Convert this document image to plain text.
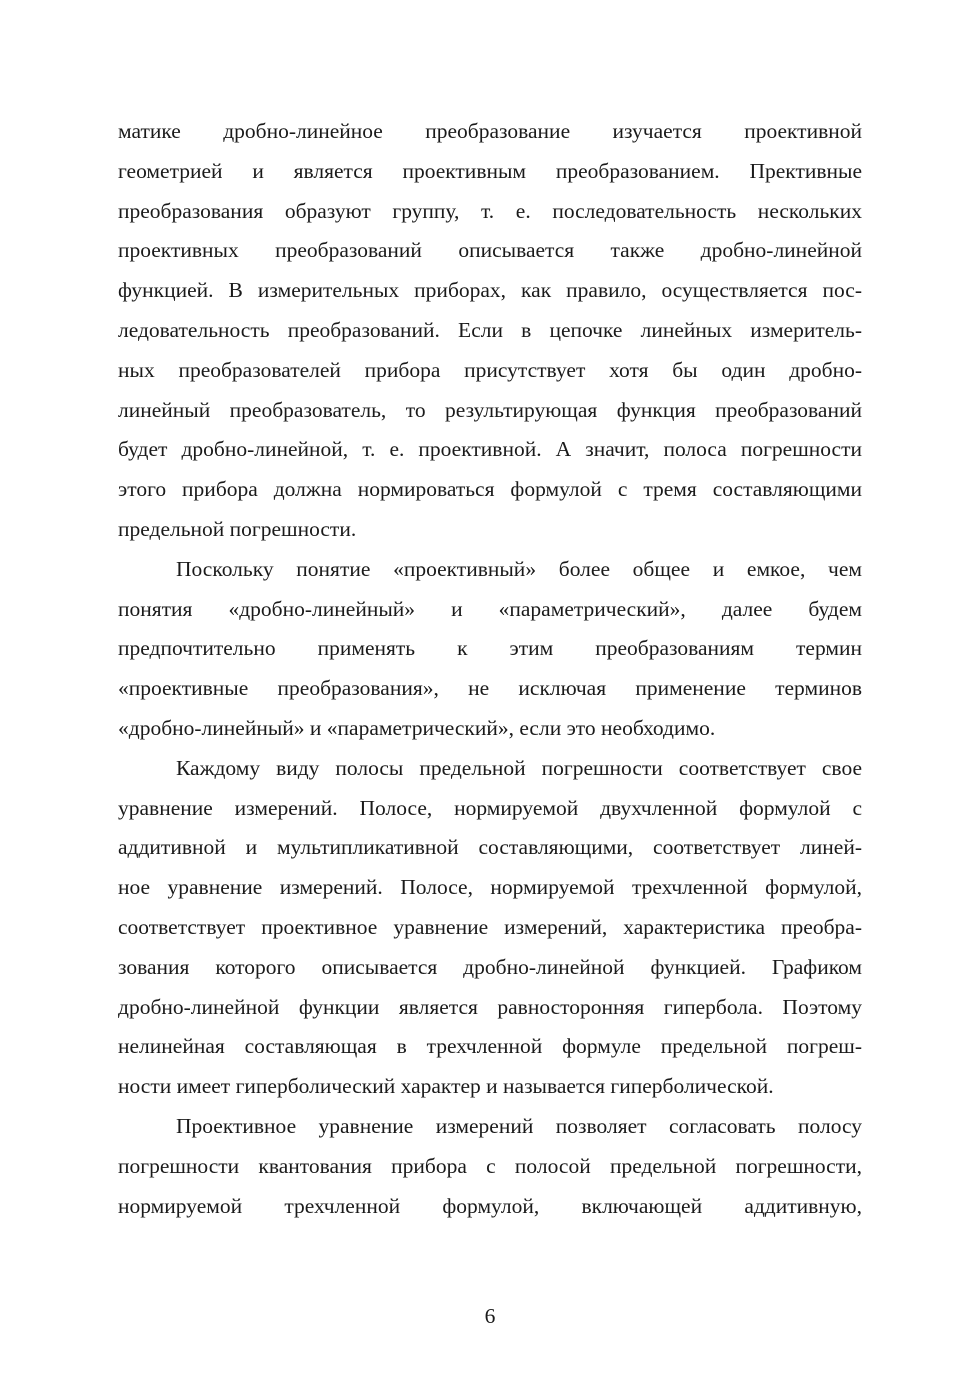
матике дробно-линейное преобразование изучается проективной
геометрией и является проективным преобразованием. Прективные
преобразования образуют группу, т. е. последовательность нескольких
проективных преобразований описывается также дробно-линейной
функцией. В измерительных приборах, как правило, осуществляется пос-
ледовательность преобразований. Если в цепочке линейных измеритель-
ных преобразователей прибора присутствует хотя бы один дробно-
линейный преобразователь, то результирующая функция преобразований
будет дробно-линейной, т. е. проективной. А значит, полоса погрешности
этого прибора должна нормироваться формулой с тремя составляющими
предельной погрешности.
Поскольку понятие «проективный» более общее и емкое, чем
понятия «дробно-линейный» и «параметрический», далее будем
предпочтительно применять к этим преобразованиям термин
«проективные преобразования», не исключая применение терминов
«дробно-линейный» и «параметрический», если это необходимо.
Каждому виду полосы предельной погрешности соответствует свое
уравнение измерений. Полосе, нормируемой двухчленной формулой с
аддитивной и мультипликативной составляющими, соответствует линей-
ное уравнение измерений. Полосе, нормируемой трехчленной формулой,
соответствует проективное уравнение измерений, характеристика преобра-
зования которого описывается дробно-линейной функцией. Графиком
дробно-линейной функции является равносторонняя гипербола. Поэтому
нелинейная составляющая в трехчленной формуле предельной погреш-
ности имеет гиперболический характер и называется гиперболической.
Проективное уравнение измерений позволяет согласовать полосу
погрешности квантования прибора с полосой предельной погрешности,
нормируемой трехчленной формулой, включающей аддитивную,
6
